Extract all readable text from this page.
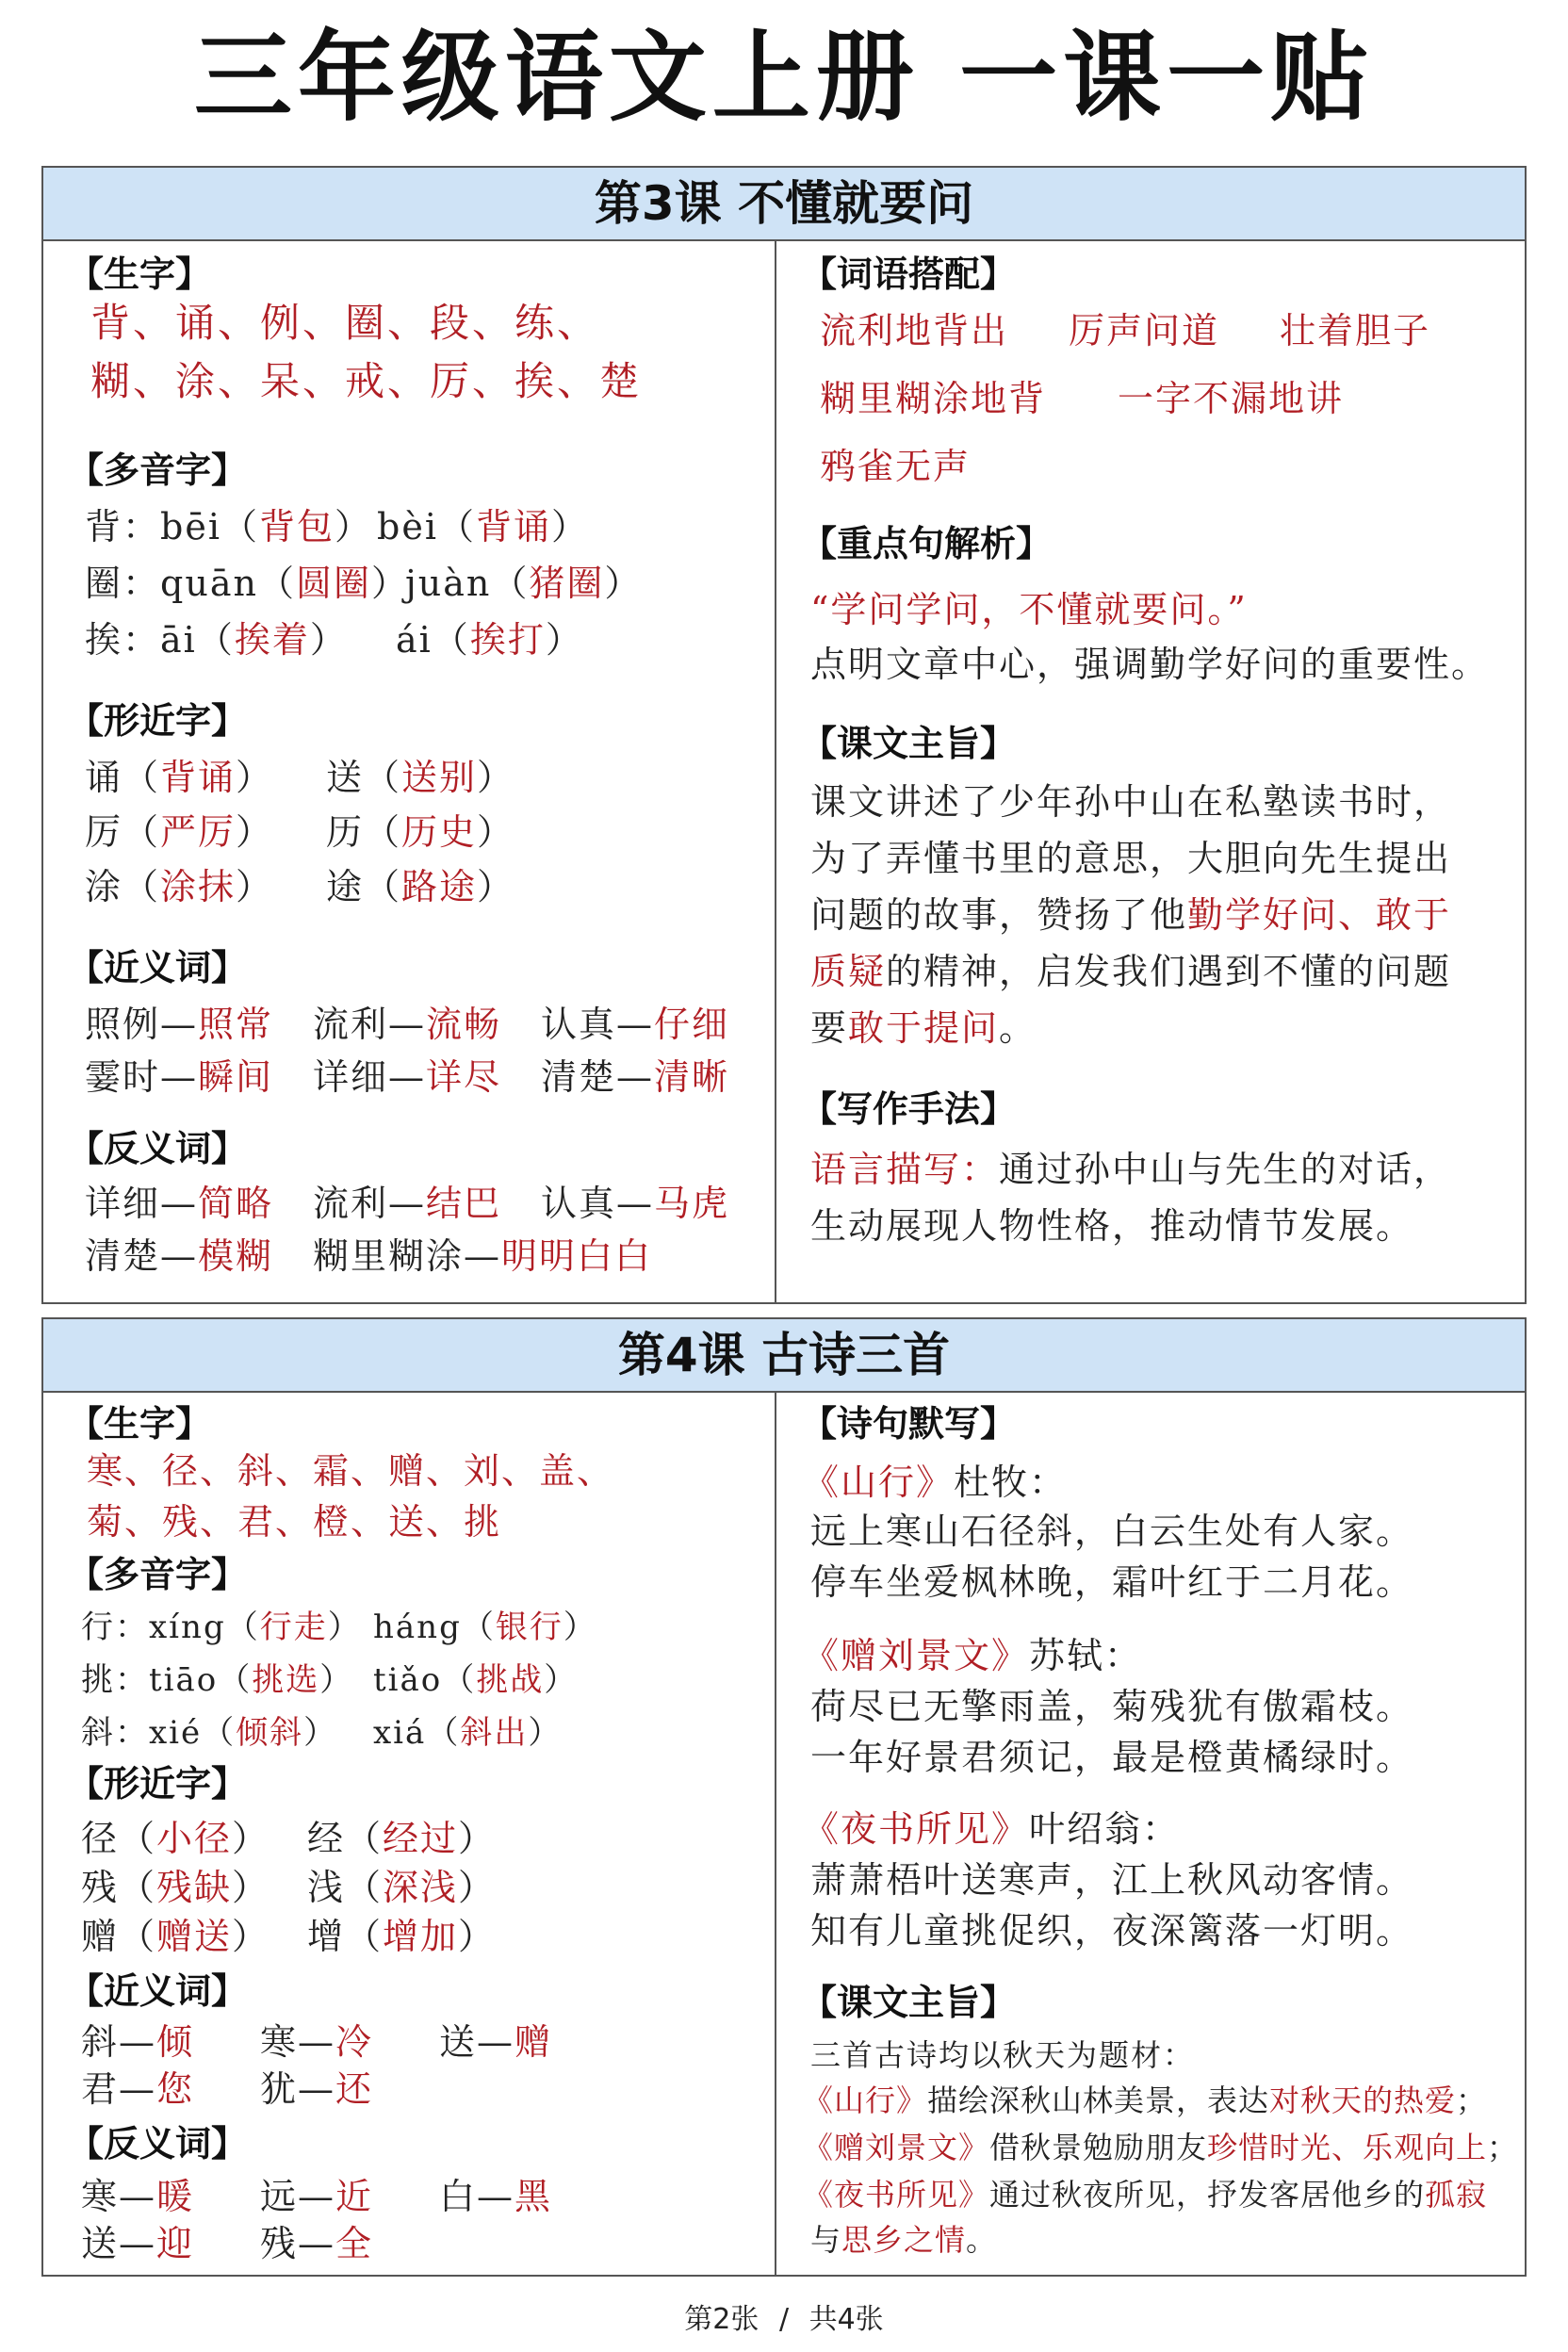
三年级语文上册 一课一贴
第3课 不懂就要问
【生字】
背、诵、例、圈、段、练、
糊、涂、呆、戒、厉、挨、楚
【多音字】
背：bēi（背包） bèi（背诵）
圈：quān（圆圈）
juàn（猪圈）
挨：āi（挨着） ái（挨打）
【形近字】
诵（背诵） 送（送别）
厉（严厉） 历（历史）
涂（涂抹） 途（路途）
【近义词】
照例—照常 流利—流畅 认真—仔细
霎时—瞬间 详细—详尽 清楚—清晰
【反义词】
详细—简略 流利—结巴 认真—马虎
清楚—模糊 糊里糊涂—明明白白
【词语搭配】
流利地背出 厉声问道 壮着胆子
糊里糊涂地背 一字不漏地讲
鸦雀无声
【重点句解析】
“学问学问，不懂就要问。”
点明文章中心，强调勤学好问的重要性。
【课文主旨】
课文讲述了少年孙中山在私塾读书时，
为了弄懂书里的意思，大胆向先生提出
问题的故事，赞扬了他勤学好问、敢于
质疑的精神，启发我们遇到不懂的问题
要敢于提问。
【写作手法】
语言描写：通过孙中山与先生的对话，
生动展现人物性格，推动情节发展。
第4课 古诗三首
【生字】
寒、径、斜、霜、赠、刘、盖、
菊、残、君、橙、送、挑
【多音字】
行：xíng（行走） háng（银行）
挑：tiāo（挑选） tiǎo（挑战）
斜：xié（倾斜） xiá（斜出）
【形近字】
径（小径） 经（经过）
残（残缺） 浅（深浅）
赠（赠送） 增（增加）
【近义词】
斜—倾 寒—冷 送—赠
君—您 犹—还
【反义词】
寒—暖 远—近 白—黑
送—迎 残—全
【诗句默写】
《山行》杜牧：
远上寒山石径斜，白云生处有人家。
停车坐爱枫林晚，霜叶红于二月花。
《赠刘景文》苏轼：
荷尽已无擎雨盖，菊残犹有傲霜枝。
一年好景君须记，最是橙黄橘绿时。
《夜书所见》叶绍翁：
萧萧梧叶送寒声，江上秋风动客情。
知有儿童挑促织，夜深篱落一灯明。
【课文主旨】
三首古诗均以秋天为题材：
《山行》描绘深秋山林美景，表达对秋天的热爱；
《赠刘景文》借秋景勉励朋友珍惜时光、乐观向上；
《夜书所见》通过秋夜所见，抒发客居他乡的孤寂
与思乡之情。
第2张 / 共4张
